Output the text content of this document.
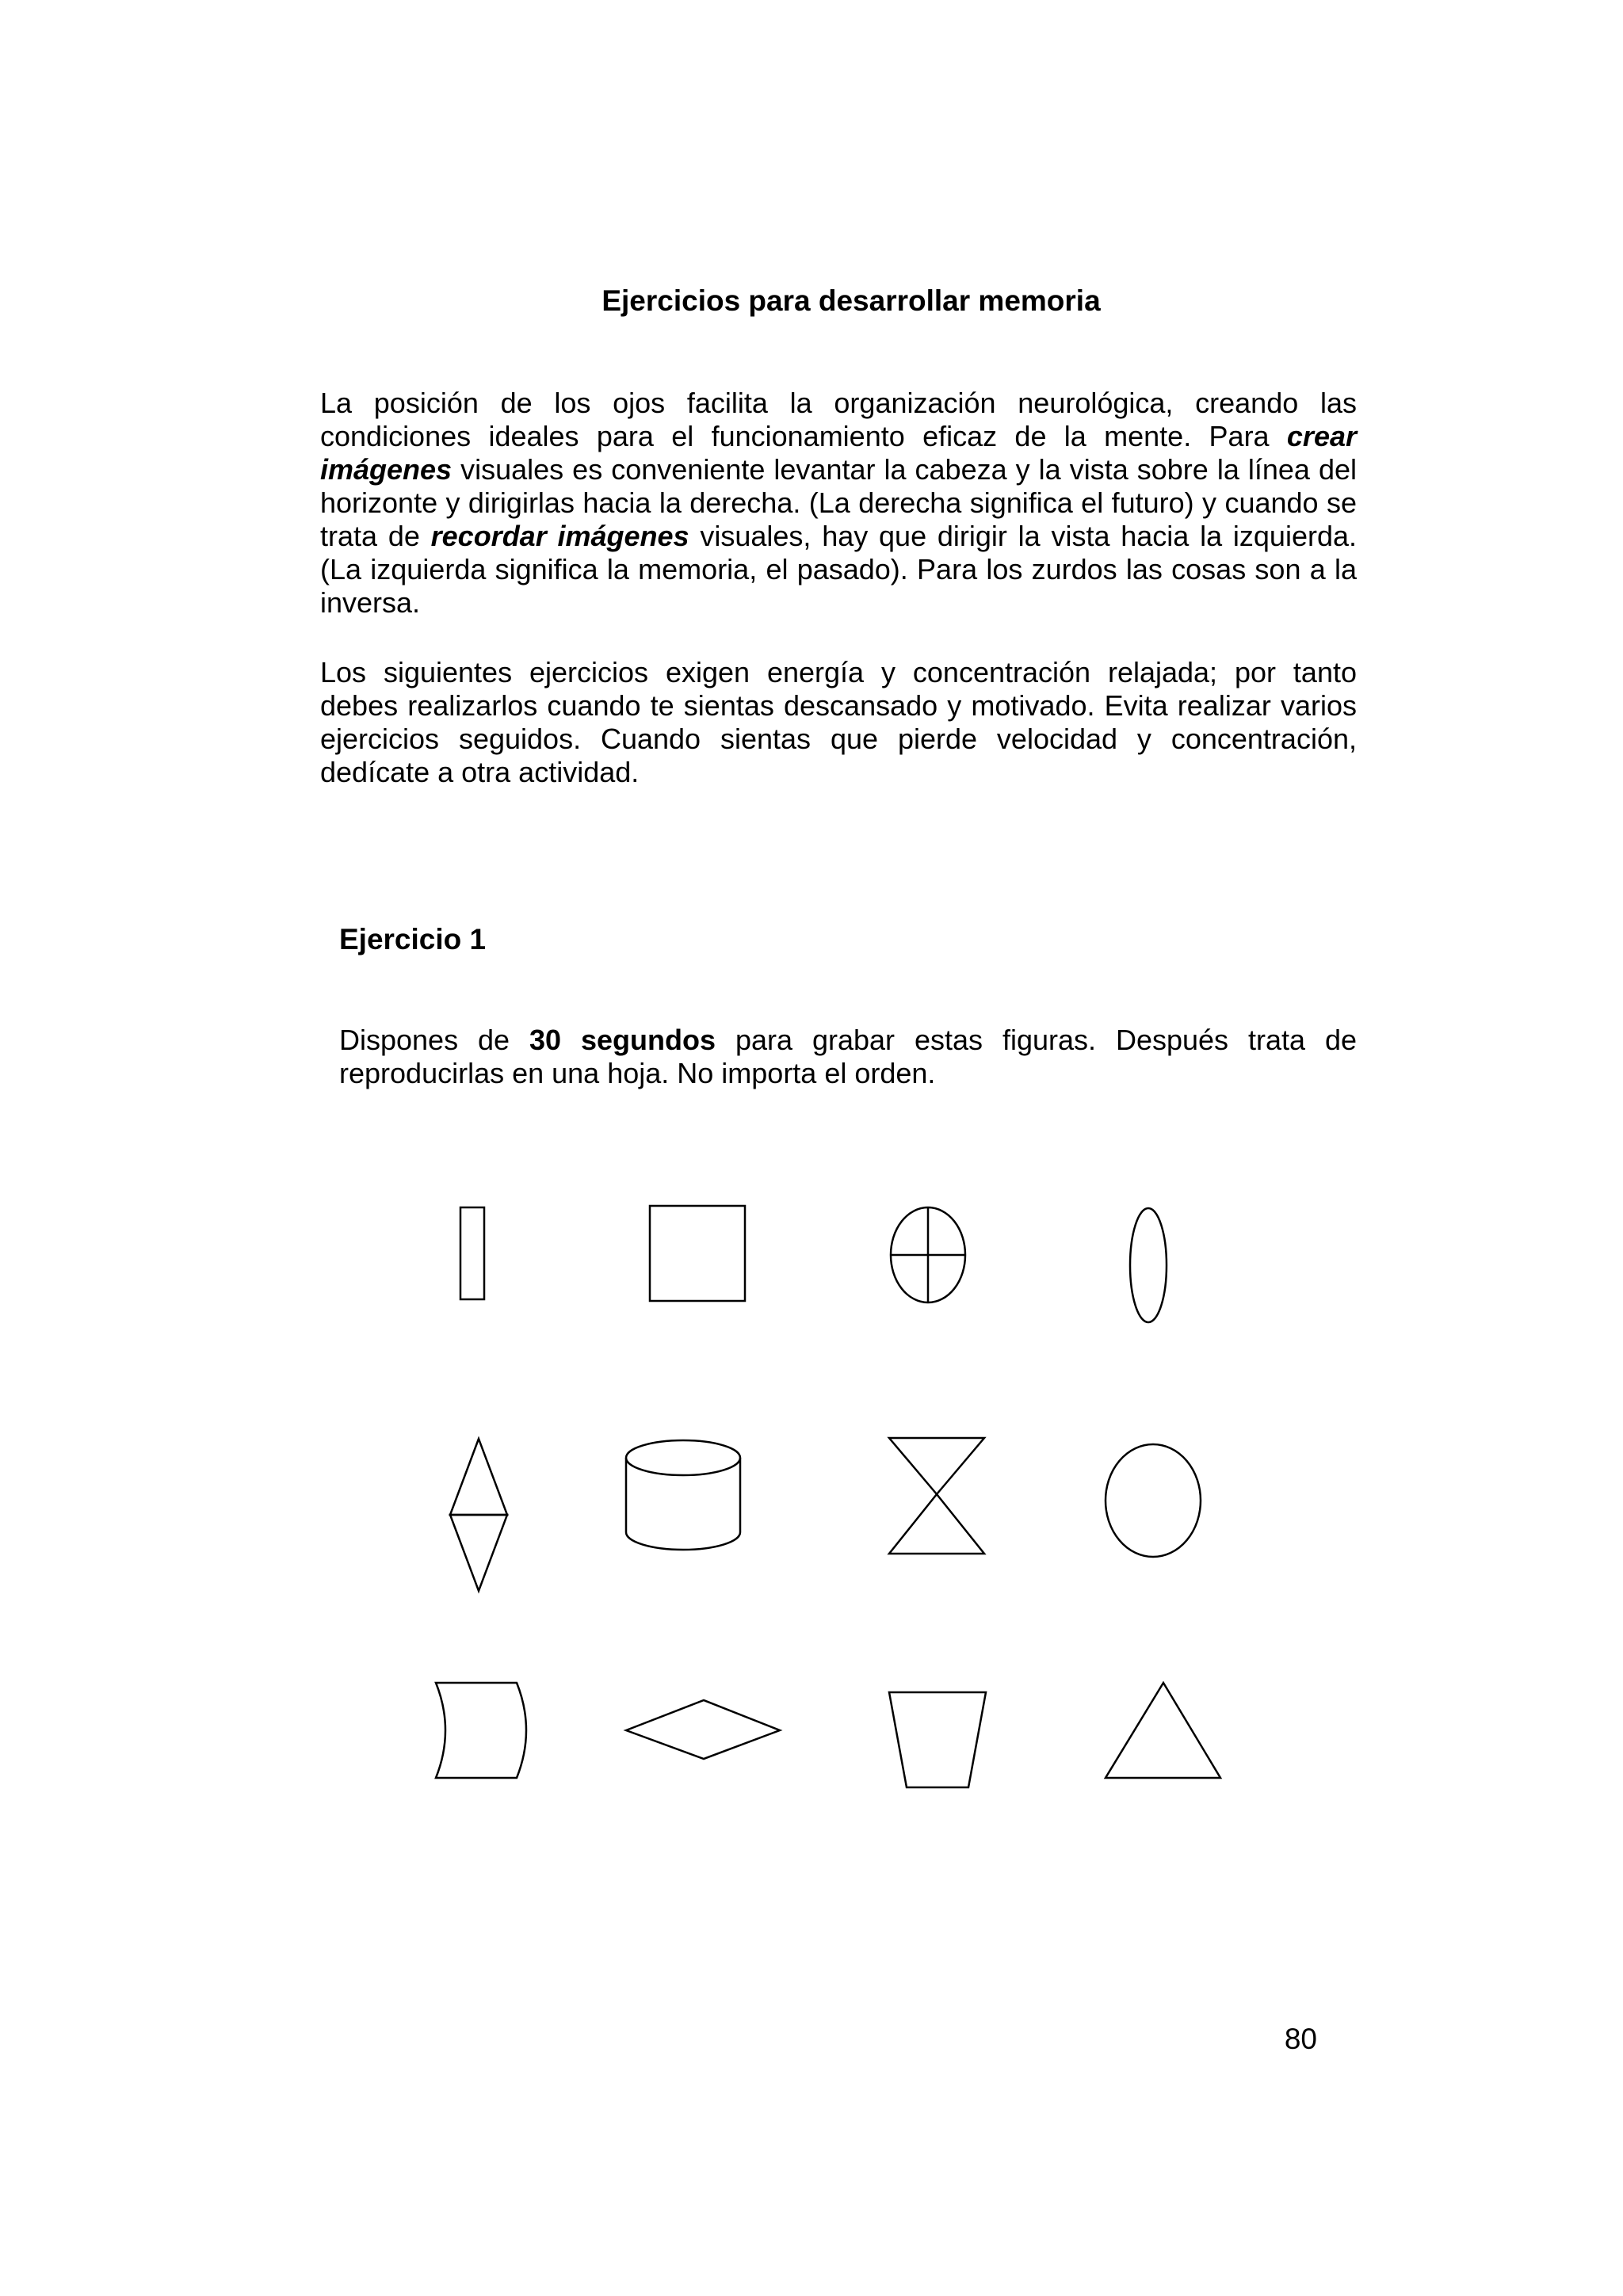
Ejercicios para desarrollar memoria

La posición de los ojos facilita la organización neurológica, creando las condiciones ideales para el funcionamiento eficaz de la mente. Para crear imágenes visuales es conveniente levantar la cabeza y la vista sobre la línea del horizonte y dirigirlas hacia la derecha. (La derecha significa el futuro) y cuando se trata de recordar imágenes visuales, hay que dirigir la vista hacia la izquierda. (La izquierda significa la memoria, el pasado). Para los zurdos las cosas son a la inversa.

Los siguientes ejercicios exigen energía y concentración relajada; por tanto debes realizarlos cuando te sientas descansado y motivado. Evita realizar varios ejercicios seguidos. Cuando sientas que pierde velocidad y concentración, dedícate a otra actividad.

Ejercicio 1

Dispones de 30 segundos para grabar estas figuras. Después trata de reproducirlas en una hoja. No importa el orden.

80
